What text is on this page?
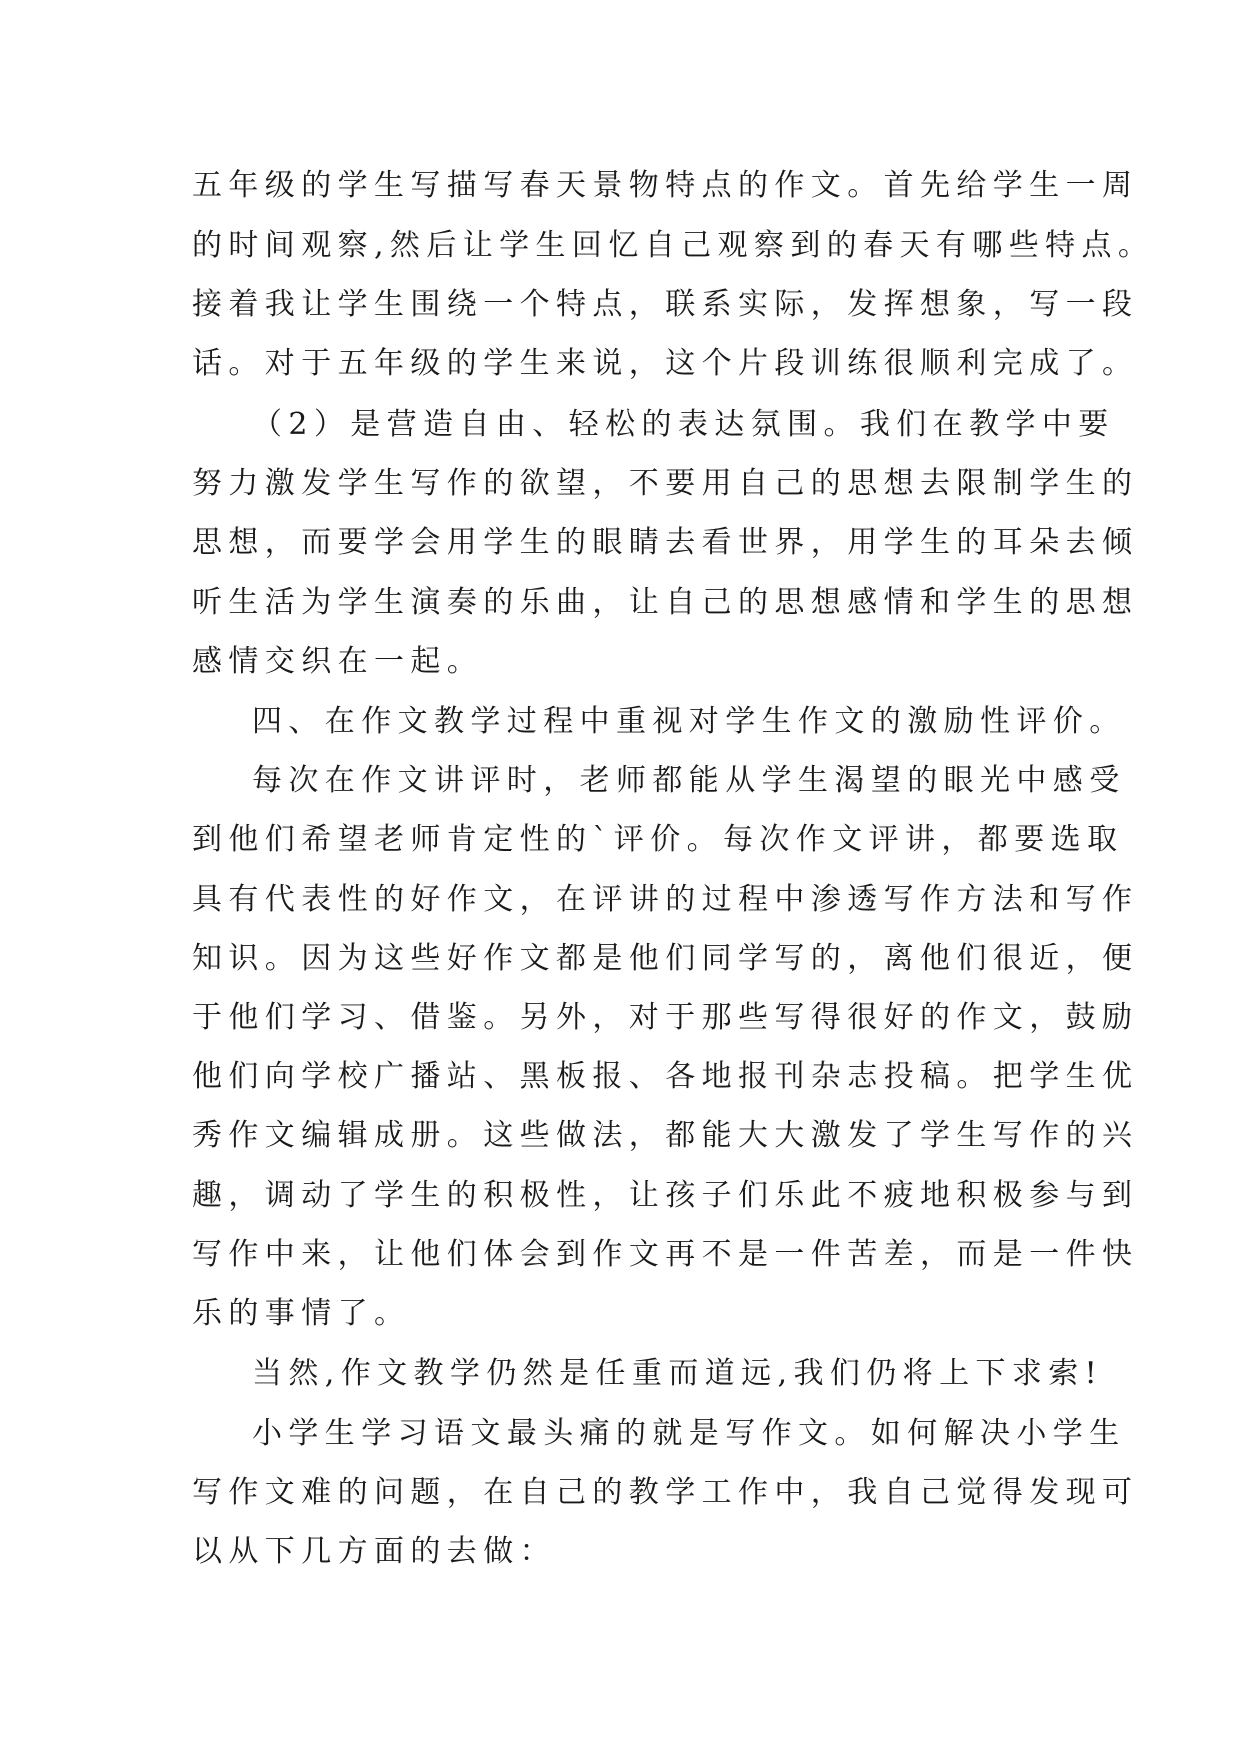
五年级的学生写描写春天景物特点的作文。首先给学生一周
的时间观察,然后让学生回忆自己观察到的春天有哪些特点。
接着我让学生围绕一个特点，联系实际，发挥想象，写一段
话。对于五年级的学生来说，这个片段训练很顺利完成了。
（2）是营造自由、轻松的表达氛围。我们在教学中要
努力激发学生写作的欲望，不要用自己的思想去限制学生的
思想，而要学会用学生的眼睛去看世界，用学生的耳朵去倾
听生活为学生演奏的乐曲，让自己的思想感情和学生的思想
感情交织在一起。
四、在作文教学过程中重视对学生作文的激励性评价。
每次在作文讲评时，老师都能从学生渴望的眼光中感受
到他们希望老师肯定性的`评价。每次作文评讲，都要选取
具有代表性的好作文，在评讲的过程中渗透写作方法和写作
知识。因为这些好作文都是他们同学写的，离他们很近，便
于他们学习、借鉴。另外，对于那些写得很好的作文，鼓励
他们向学校广播站、黑板报、各地报刊杂志投稿。把学生优
秀作文编辑成册。这些做法，都能大大激发了学生写作的兴
趣，调动了学生的积极性，让孩子们乐此不疲地积极参与到
写作中来，让他们体会到作文再不是一件苦差，而是一件快
乐的事情了。
当然,作文教学仍然是任重而道远,我们仍将上下求索!
小学生学习语文最头痛的就是写作文。如何解决小学生
写作文难的问题，在自己的教学工作中，我自己觉得发现可
以从下几方面的去做：
